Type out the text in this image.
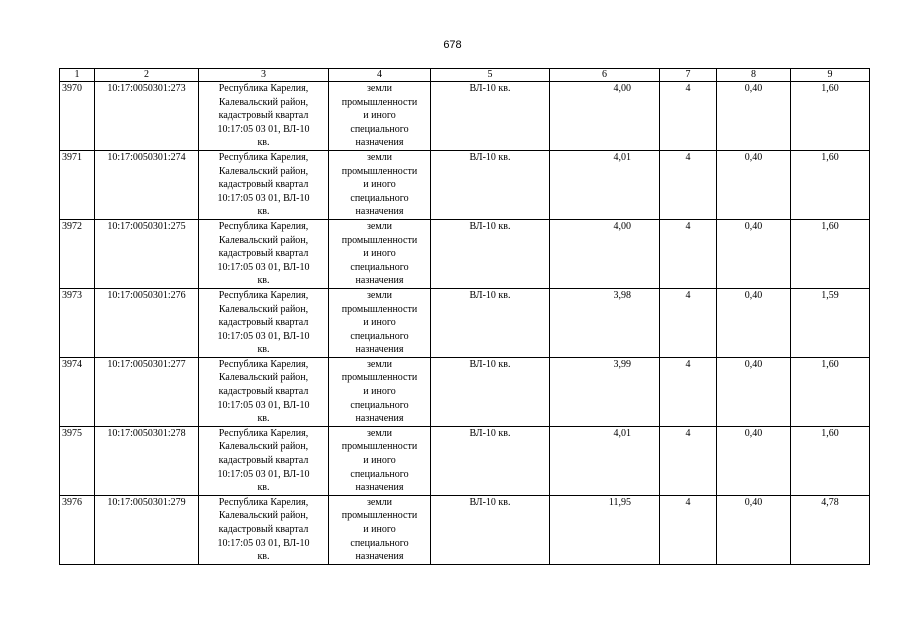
678
1	2	3	4	5	6	7	8	9
3970	10:17:0050301:273	Республика Карелия,
Калевальский район,
кадастровый квартал
10:17:05 03 01, ВЛ-10
кв.	земли
промышленности
и иного
специального
назначения	ВЛ-10 кв.	4,00	4	0,40	1,60
3971	10:17:0050301:274	Республика Карелия,
Калевальский район,
кадастровый квартал
10:17:05 03 01, ВЛ-10
кв.	земли
промышленности
и иного
специального
назначения	ВЛ-10 кв.	4,01	4	0,40	1,60
3972	10:17:0050301:275	Республика Карелия,
Калевальский район,
кадастровый квартал
10:17:05 03 01, ВЛ-10
кв.	земли
промышленности
и иного
специального
назначения	ВЛ-10 кв.	4,00	4	0,40	1,60
3973	10:17:0050301:276	Республика Карелия,
Калевальский район,
кадастровый квартал
10:17:05 03 01, ВЛ-10
кв.	земли
промышленности
и иного
специального
назначения	ВЛ-10 кв.	3,98	4	0,40	1,59
3974	10:17:0050301:277	Республика Карелия,
Калевальский район,
кадастровый квартал
10:17:05 03 01, ВЛ-10
кв.	земли
промышленности
и иного
специального
назначения	ВЛ-10 кв.	3,99	4	0,40	1,60
3975	10:17:0050301:278	Республика Карелия,
Калевальский район,
кадастровый квартал
10:17:05 03 01, ВЛ-10
кв.	земли
промышленности
и иного
специального
назначения	ВЛ-10 кв.	4,01	4	0,40	1,60
3976	10:17:0050301:279	Республика Карелия,
Калевальский район,
кадастровый квартал
10:17:05 03 01, ВЛ-10
кв.	земли
промышленности
и иного
специального
назначения	ВЛ-10 кв.	11,95	4	0,40	4,78
